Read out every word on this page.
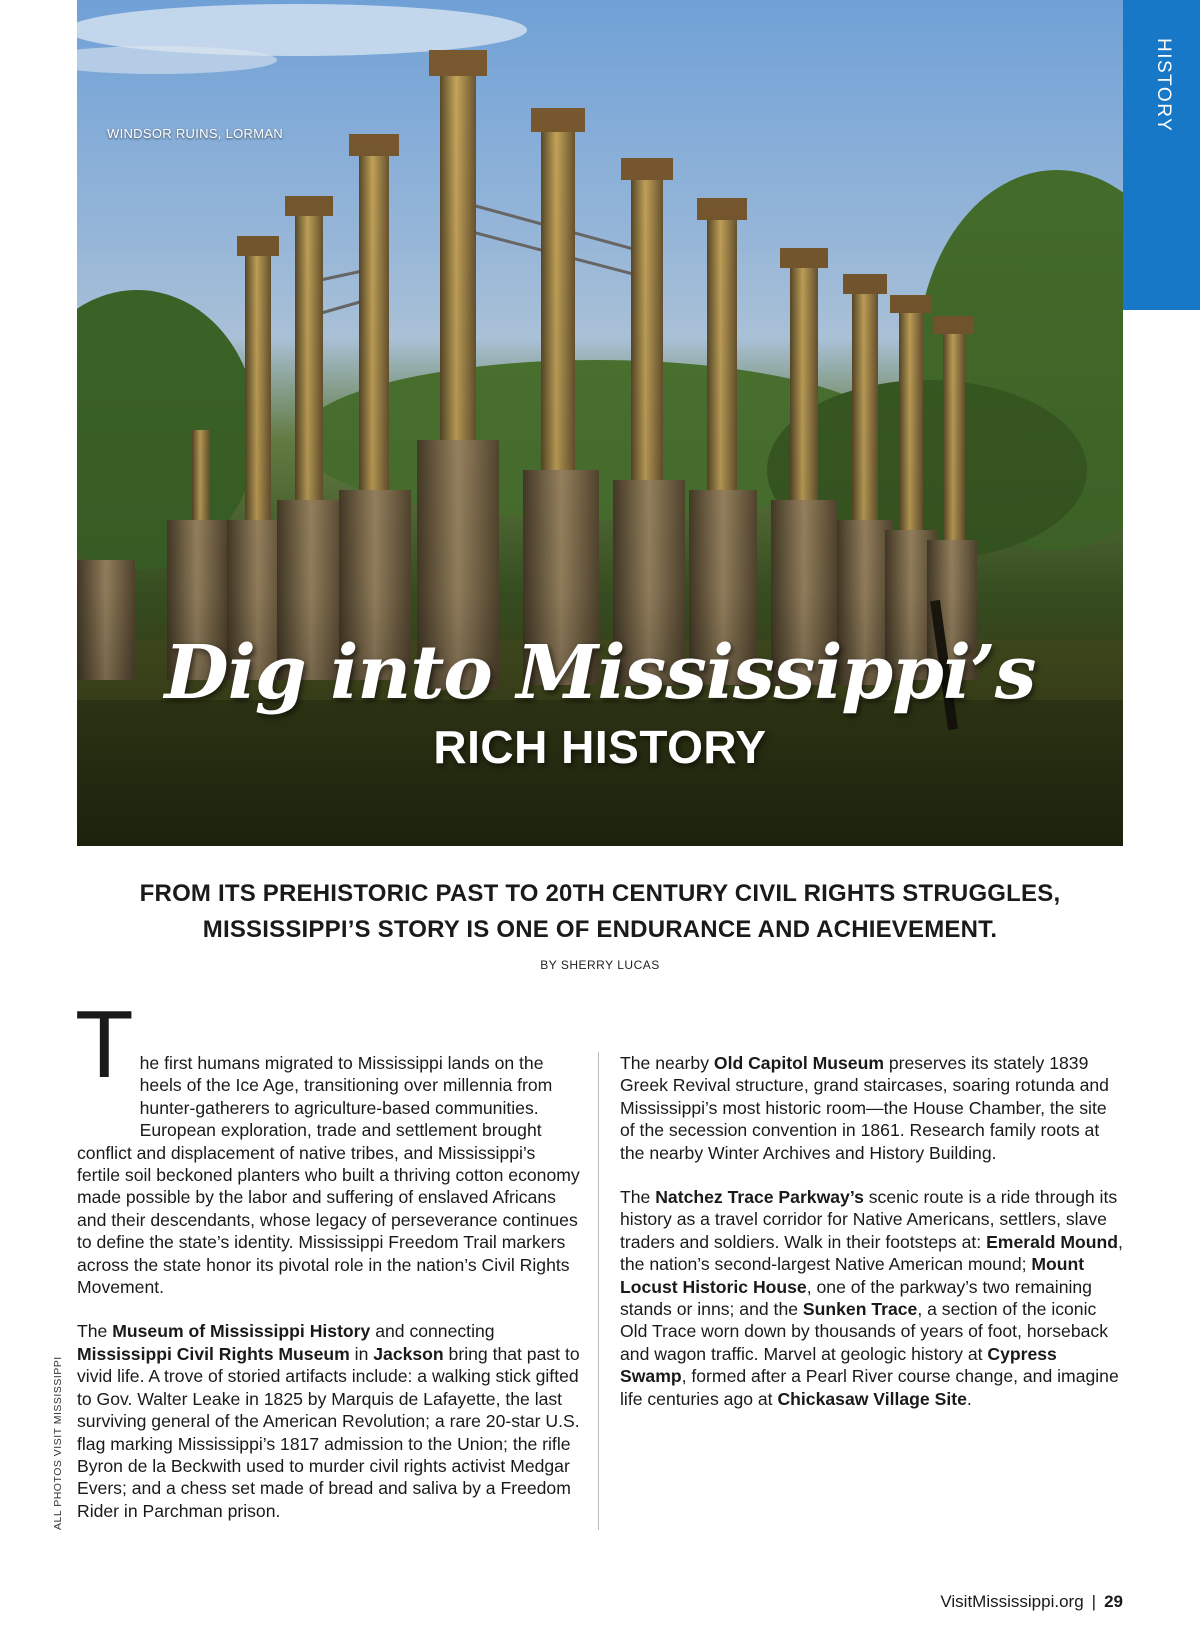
WINDSOR RUINS, LORMAN
Dig into Mississippi’s
RICH HISTORY
HISTORY
FROM ITS PREHISTORIC PAST TO 20TH CENTURY CIVIL RIGHTS STRUGGLES,
MISSISSIPPI’S STORY IS ONE OF ENDURANCE AND ACHIEVEMENT.
BY SHERRY LUCAS

The first humans migrated to Mississippi lands on the heels of the Ice Age, transitioning over millennia from hunter-gatherers to agriculture-based communities. European exploration, trade and settlement brought conflict and displacement of native tribes, and Mississippi’s fertile soil beckoned planters who built a thriving cotton economy made possible by the labor and suffering of enslaved Africans and their descendants, whose legacy of perseverance continues to define the state’s identity. Mississippi Freedom Trail markers across the state honor its pivotal role in the nation’s Civil Rights Movement.

The Museum of Mississippi History and connecting Mississippi Civil Rights Museum in Jackson bring that past to vivid life. A trove of storied artifacts include: a walking stick gifted to Gov. Walter Leake in 1825 by Marquis de Lafayette, the last surviving general of the American Revolution; a rare 20-star U.S. flag marking Mississippi’s 1817 admission to the Union; the rifle Byron de la Beckwith used to murder civil rights activist Medgar Evers; and a chess set made of bread and saliva by a Freedom Rider in Parchman prison.

The nearby Old Capitol Museum preserves its stately 1839 Greek Revival structure, grand staircases, soaring rotunda and Mississippi’s most historic room—the House Chamber, the site of the secession convention in 1861. Research family roots at the nearby Winter Archives and History Building.

The Natchez Trace Parkway’s scenic route is a ride through its history as a travel corridor for Native Americans, settlers, slave traders and soldiers. Walk in their footsteps at: Emerald Mound, the nation’s second-largest Native American mound; Mount Locust Historic House, one of the parkway’s two remaining stands or inns; and the Sunken Trace, a section of the iconic Old Trace worn down by thousands of years of foot, horseback and wagon traffic. Marvel at geologic history at Cypress Swamp, formed after a Pearl River course change, and imagine life centuries ago at Chickasaw Village Site.

ALL PHOTOS VISIT MISSISSIPPI
VisitMississippi.org | 29
